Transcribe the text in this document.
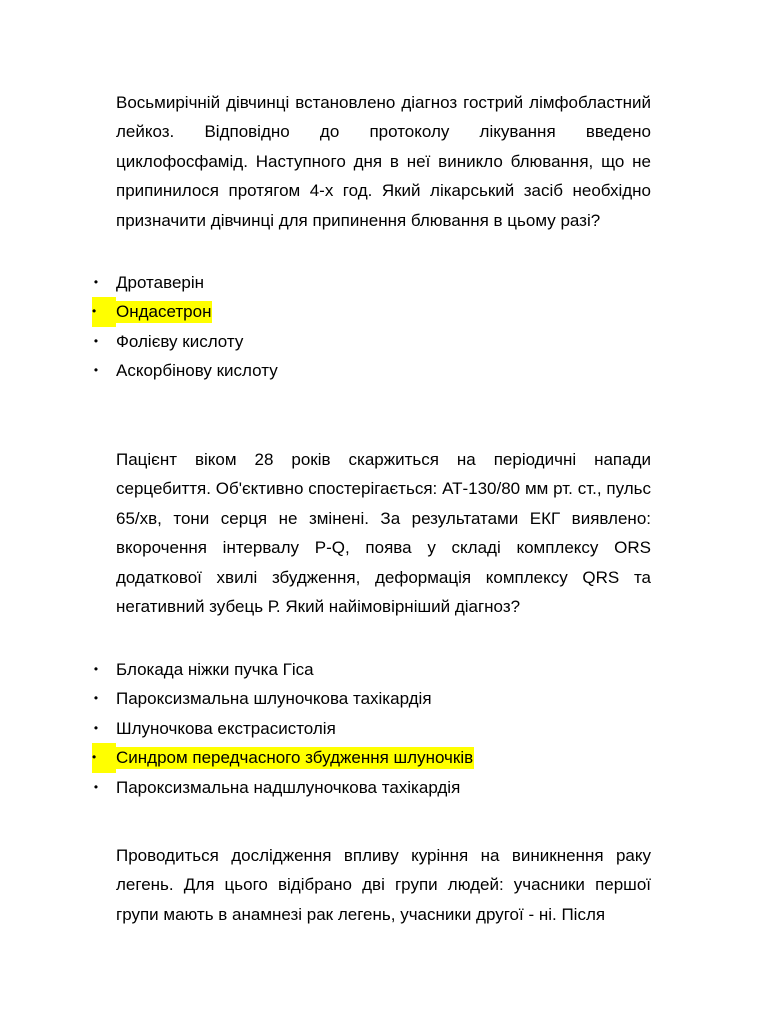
Восьмирічній дівчинці встановлено діагноз гострий лімфобластний лейкоз. Відповідно до протоколу лікування введено циклофосфамід. Наступного дня в неї виникло блювання, що не припинилося протягом 4-х год. Який лікарський засіб необхідно призначити дівчинці для припинення блювання в цьому разі?

• Дротаверін
•	Ондасетрон
• Фолієву кислоту
• Аскорбінову кислоту

Пацієнт віком 28 років скаржиться на періодичні напади серцебиття. Об'єктивно спостерігається: АТ-130/80 мм рт. ст., пульс 65/хв, тони серця не змінені. За результатами ЕКГ виявлено: вкорочення інтервалу P-Q, поява у складі комплексу ORS додаткової хвилі збудження, деформація комплексу QRS та негативний зубець Р. Який найімовірніший діагноз?

• Блокада ніжки пучка Гіса
• Пароксизмальна шлуночкова тахікардія
• Шлуночкова екстрасистолія
•	Синдром передчасного збудження шлуночків
• Пароксизмальна надшлуночкова тахікардія

Проводиться дослідження впливу куріння на виникнення раку легень. Для цього відібрано дві групи людей: учасники першої групи мають в анамнезі рак легень, учасники другої - ні. Після
